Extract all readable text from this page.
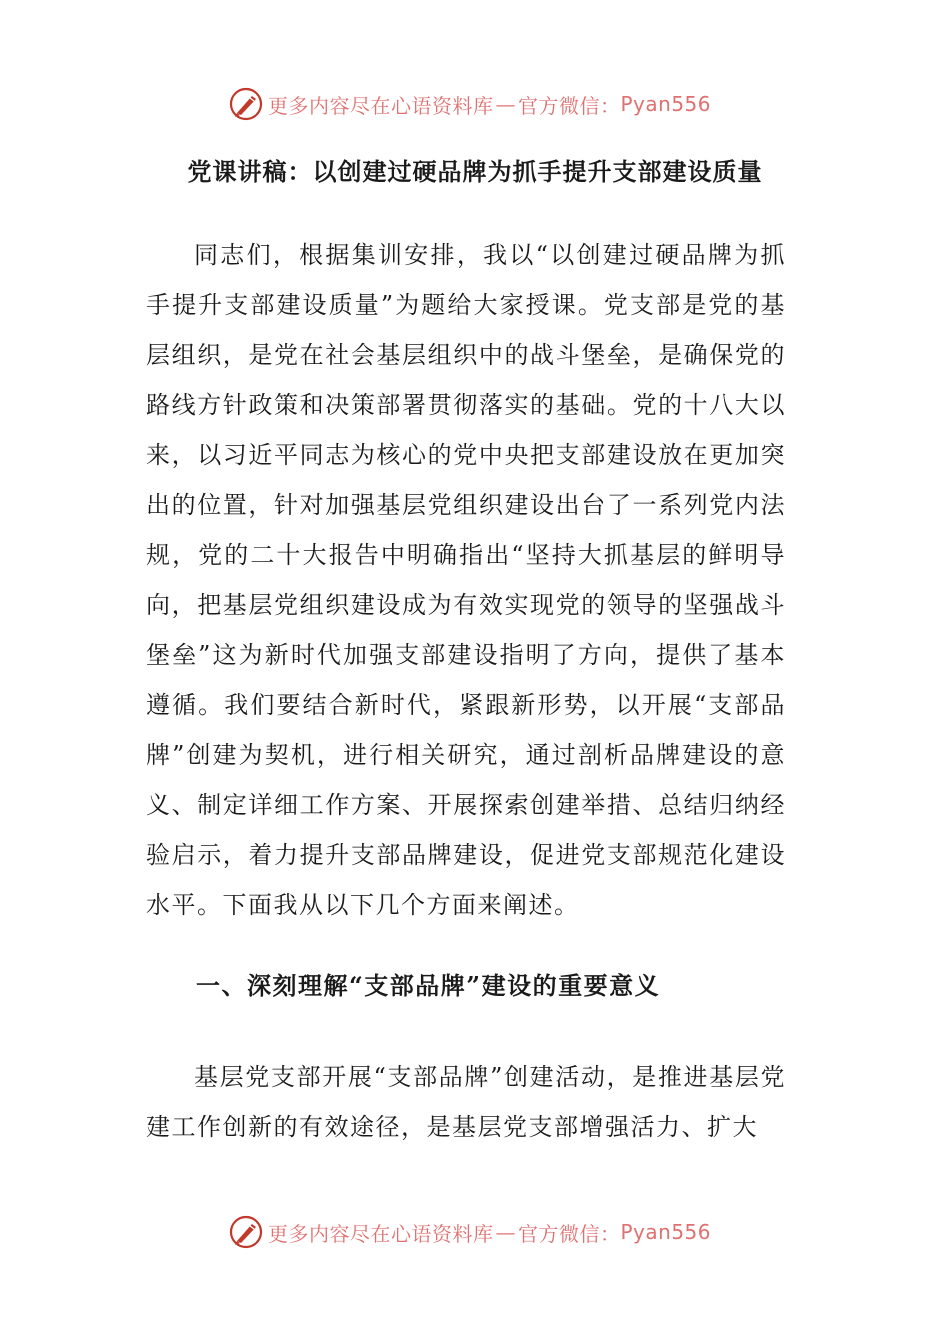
更多内容尽在心语资料库 — 官方微信： Pyan556
党课讲稿：以创建过硬品牌为抓手提升支部建设质量

同志们，根据集训安排，我以“以创建过硬品牌为抓手提升支部建设质量”为题给大家授课。党支部是党的基层组织，是党在社会基层组织中的战斗堡垒，是确保党的路线方针政策和决策部署贯彻落实的基础。党的十八大以来，以习近平同志为核心的党中央把支部建设放在更加突出的位置，针对加强基层党组织建设出台了一系列党内法规，党的二十大报告中明确指出“坚持大抓基层的鲜明导向，把基层党组织建设成为有效实现党的领导的坚强战斗堡垒”这为新时代加强支部建设指明了方向，提供了基本遵循。我们要结合新时代，紧跟新形势，以开展“支部品牌”创建为契机，进行相关研究，通过剖析品牌建设的意义、制定详细工作方案、开展探索创建举措、总结归纳经验启示，着力提升支部品牌建设，促进党支部规范化建设水平。下面我从以下几个方面来阐述。

一、深刻理解“支部品牌”建设的重要意义

基层党支部开展“支部品牌”创建活动，是推进基层党建工作创新的有效途径，是基层党支部增强活力、扩大

更多内容尽在心语资料库 — 官方微信： Pyan556
